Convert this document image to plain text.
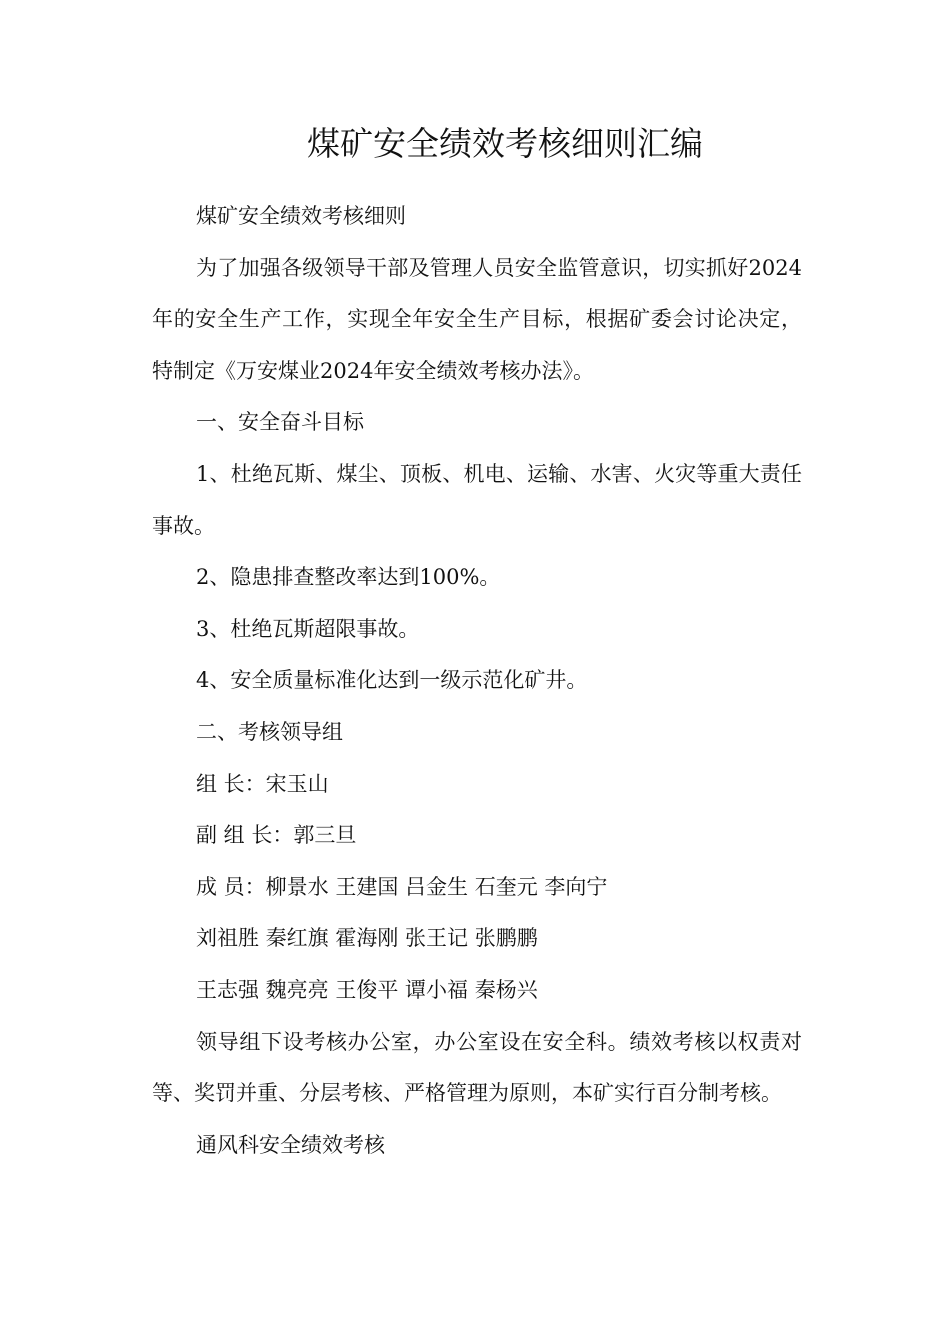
煤矿安全绩效考核细则汇编

煤矿安全绩效考核细则

为了加强各级领导干部及管理人员安全监管意识，切实抓好2024年的安全生产工作，实现全年安全生产目标，根据矿委会讨论决定，特制定《万安煤业2024年安全绩效考核办法》。

一、安全奋斗目标

1、杜绝瓦斯、煤尘、顶板、机电、运输、水害、火灾等重大责任事故。

2、隐患排查整改率达到100%。

3、杜绝瓦斯超限事故。

4、安全质量标准化达到一级示范化矿井。

二、考核领导组

组 长：宋玉山

副 组 长：郭三旦

成 员：柳景水 王建国 吕金生 石奎元 李向宁

刘祖胜 秦红旗 霍海刚 张王记 张鹏鹏

王志强 魏亮亮 王俊平 谭小福 秦杨兴

领导组下设考核办公室，办公室设在安全科。绩效考核以权责对等、奖罚并重、分层考核、严格管理为原则，本矿实行百分制考核。

通风科安全绩效考核
